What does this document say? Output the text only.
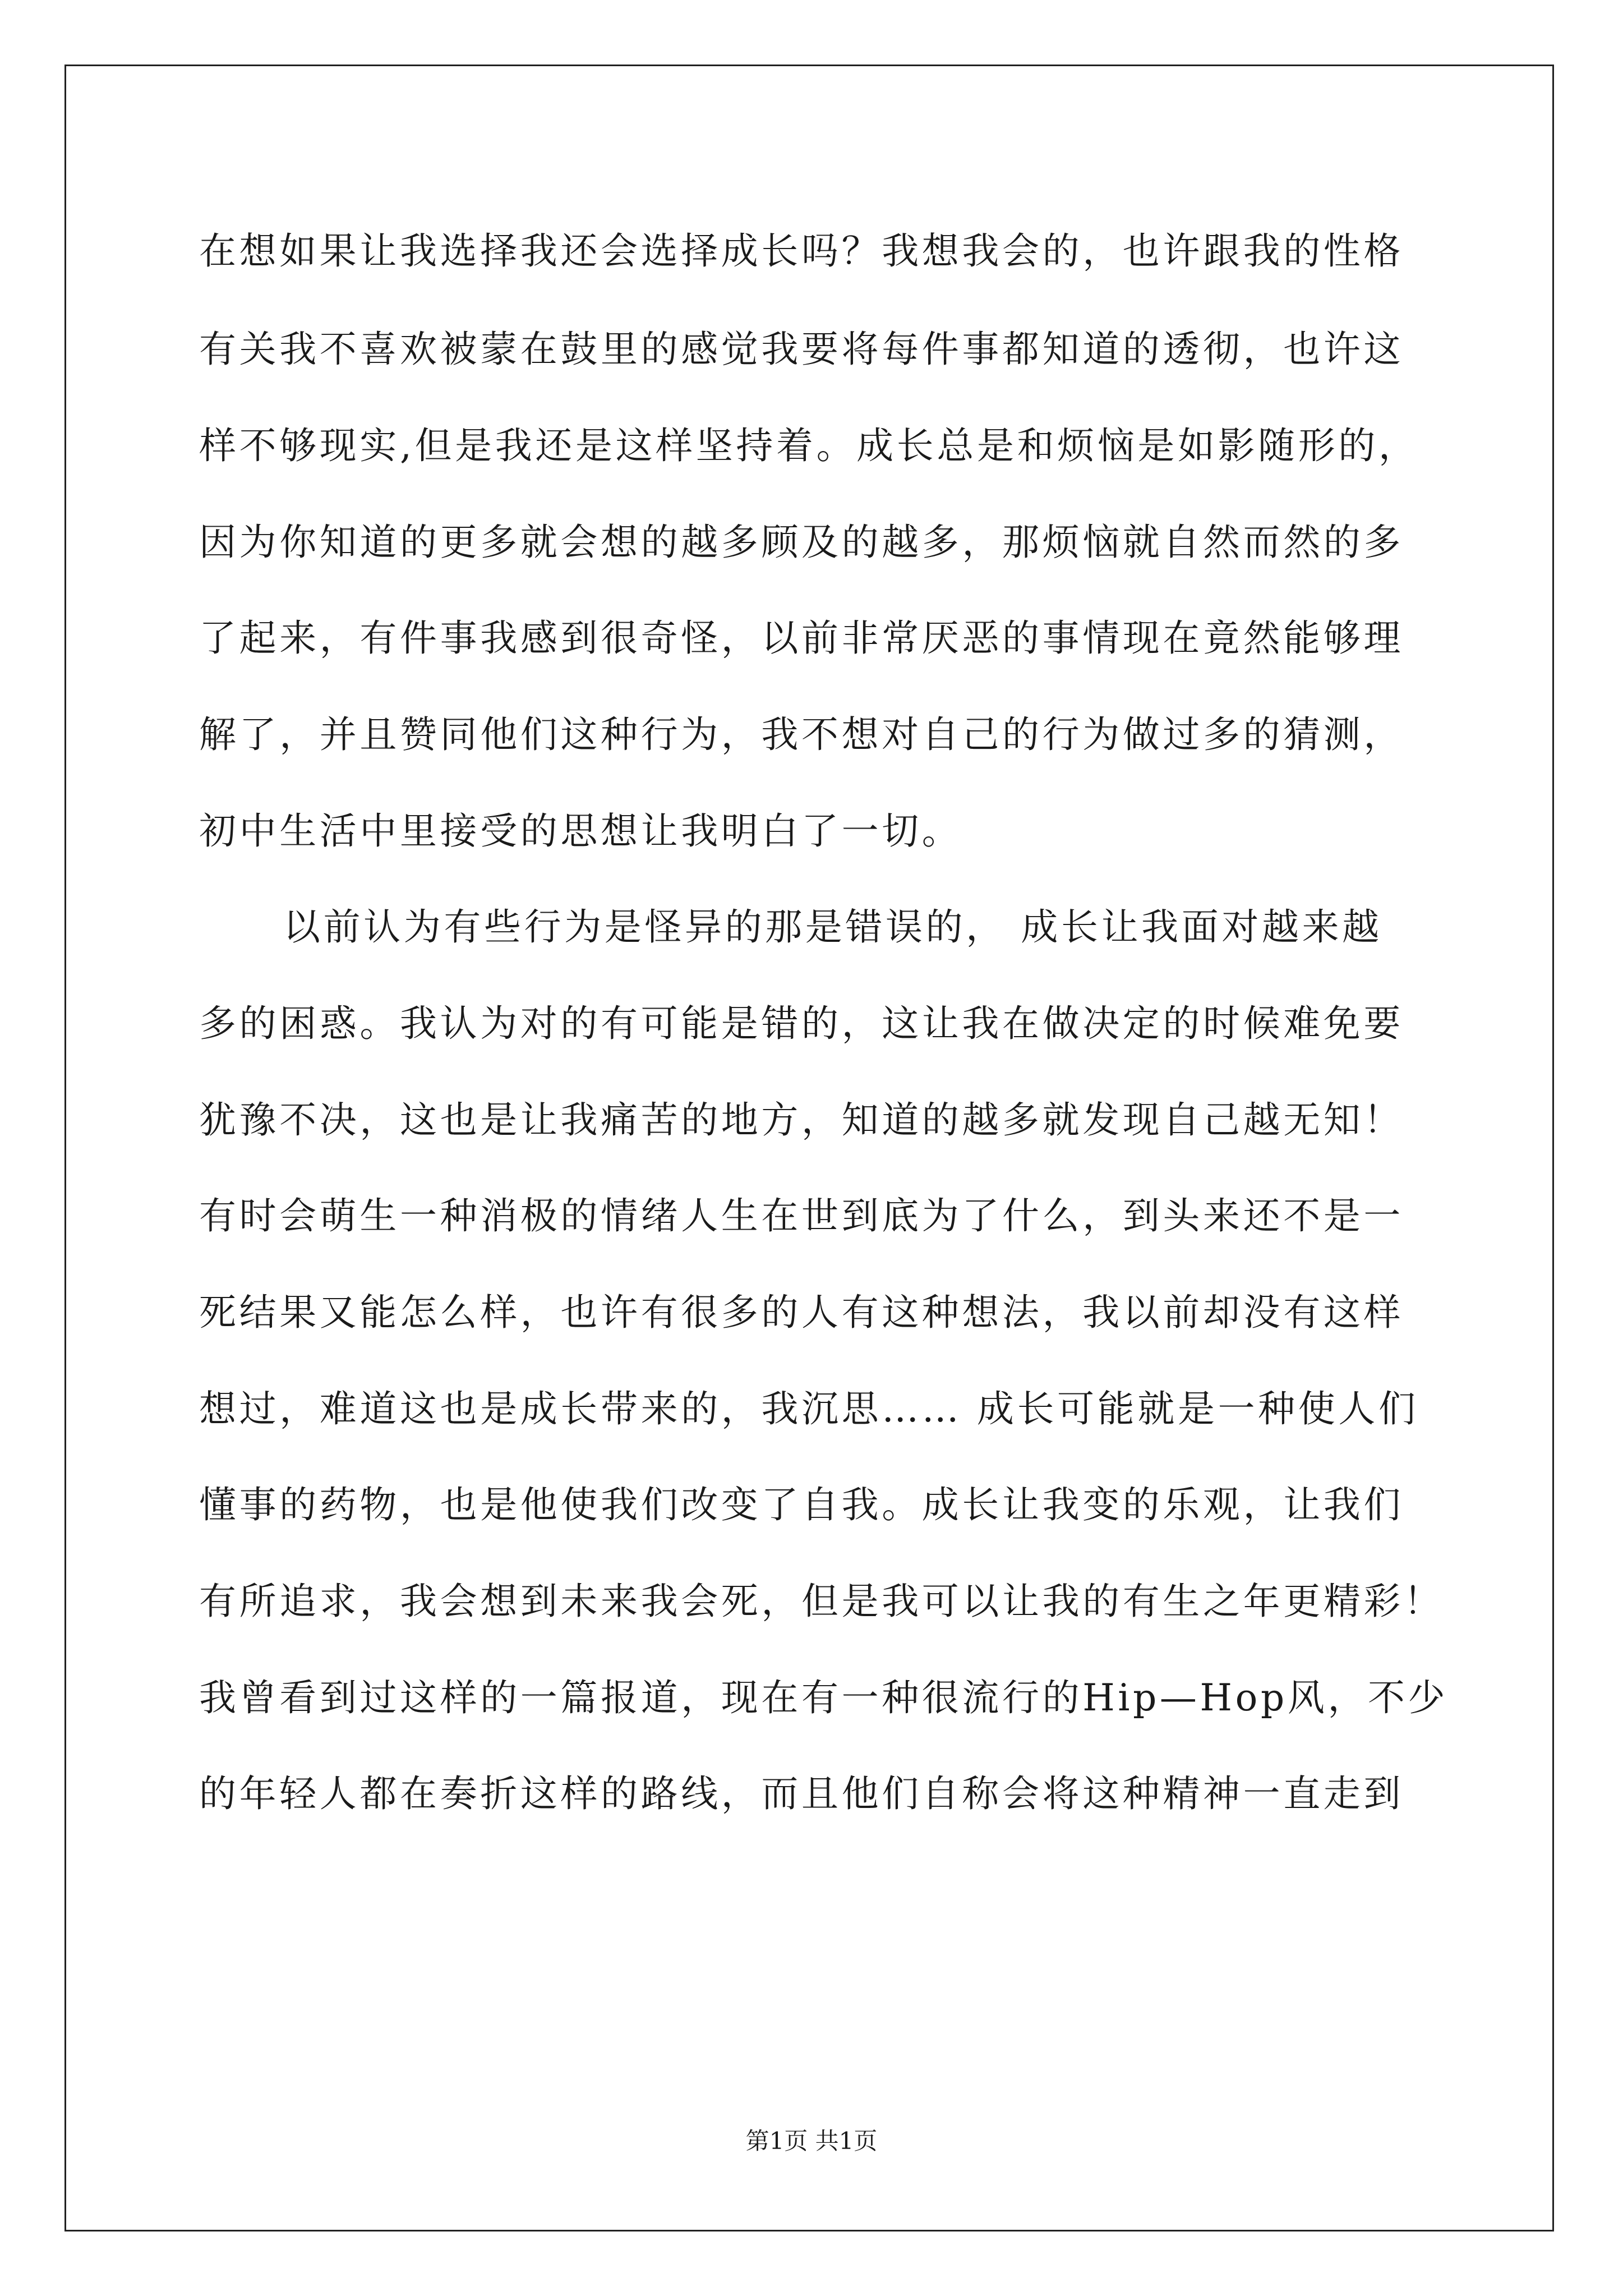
在想如果让我选择我还会选择成长吗？我想我会的，也许跟我的性格
有关我不喜欢被蒙在鼓里的感觉我要将每件事都知道的透彻，也许这
样不够现实,但是我还是这样坚持着。成长总是和烦恼是如影随形的，
因为你知道的更多就会想的越多顾及的越多，那烦恼就自然而然的多
了起来，有件事我感到很奇怪，以前非常厌恶的事情现在竟然能够理
解了，并且赞同他们这种行为，我不想对自己的行为做过多的猜测，
初中生活中里接受的思想让我明白了一切。
以前认为有些行为是怪异的那是错误的， 成长让我面对越来越
多的困惑。我认为对的有可能是错的，这让我在做决定的时候难免要
犹豫不决，这也是让我痛苦的地方，知道的越多就发现自己越无知！
有时会萌生一种消极的情绪人生在世到底为了什么，到头来还不是一
死结果又能怎么样，也许有很多的人有这种想法，我以前却没有这样
想过，难道这也是成长带来的，我沉思…… 成长可能就是一种使人们
懂事的药物，也是他使我们改变了自我。成长让我变的乐观，让我们
有所追求，我会想到未来我会死，但是我可以让我的有生之年更精彩！
我曾看到过这样的一篇报道，现在有一种很流行的Hip—Hop风，不少
的年轻人都在奏折这样的路线，而且他们自称会将这种精神一直走到
第1页 共1页
